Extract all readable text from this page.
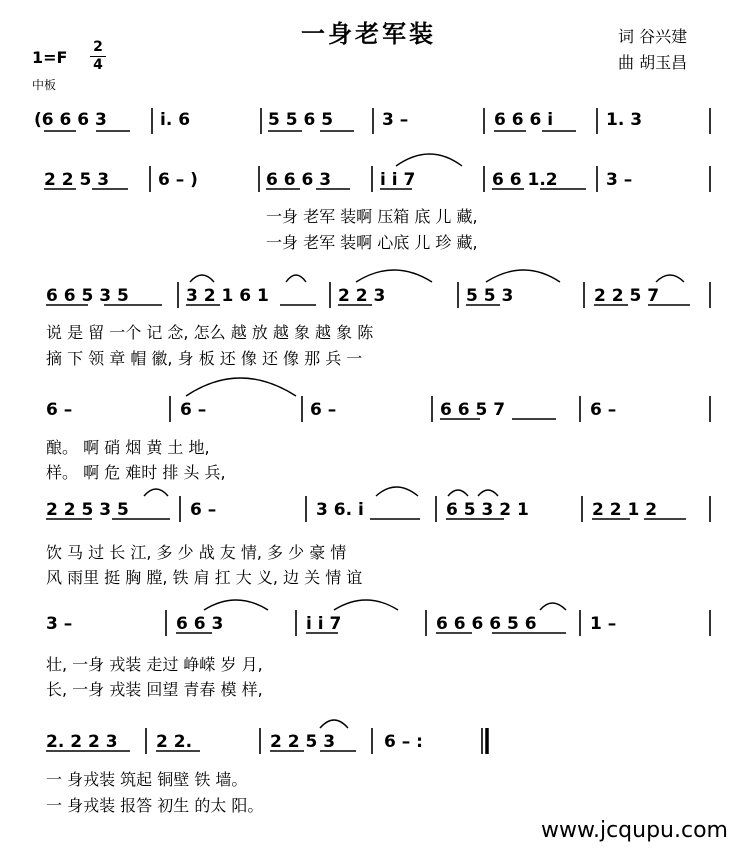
一身老军装
1=F
2
4
中板
词 谷兴建
曲 胡玉昌
(6 6 6 3	i. 6	5 5 6 5	3 –	6 6 6 i	1. 3
2 2 5 3	6 – )	6 6 6 3	i i 7	6 6 1.2	3 –
一身 老军 装啊 压箱 底 儿 藏,
一身 老军 装啊 心底 儿 珍 藏,
6 6 5 3 5	3 2 1 6 1	2 2 3	5 5 3	2 2 5 7
说 是 留 一个 记 念, 怎么 越 放 越 象 越 象 陈
摘 下 领 章 帽 徽, 身 板 还 像 还 像 那 兵 一
6 –	6 –	6 –	6 6 5 7	6 –
酿。 啊 硝 烟 黄 土 地,
样。 啊 危 难时 排 头 兵,
2 2 5 3 5	6 –	3 6. i	6 5 3 2 1	2 2 1 2
饮 马 过 长 江, 多 少 战 友 情, 多 少 豪 情
风 雨里 挺 胸 膛, 铁 肩 扛 大 义, 边 关 情 谊
3 –	6 6 3	i i 7	6 6 6 6 5 6	1 –
壮, 一身 戎装 走过 峥嵘 岁 月,
长, 一身 戎装 回望 青春 模 样,
2. 2 2 3 2 2.	2 2 5 3	6 – :
一 身戎装 筑起 铜壁 铁 墙。
一 身戎装 报答 初生 的太 阳。
www.jcqupu.com
